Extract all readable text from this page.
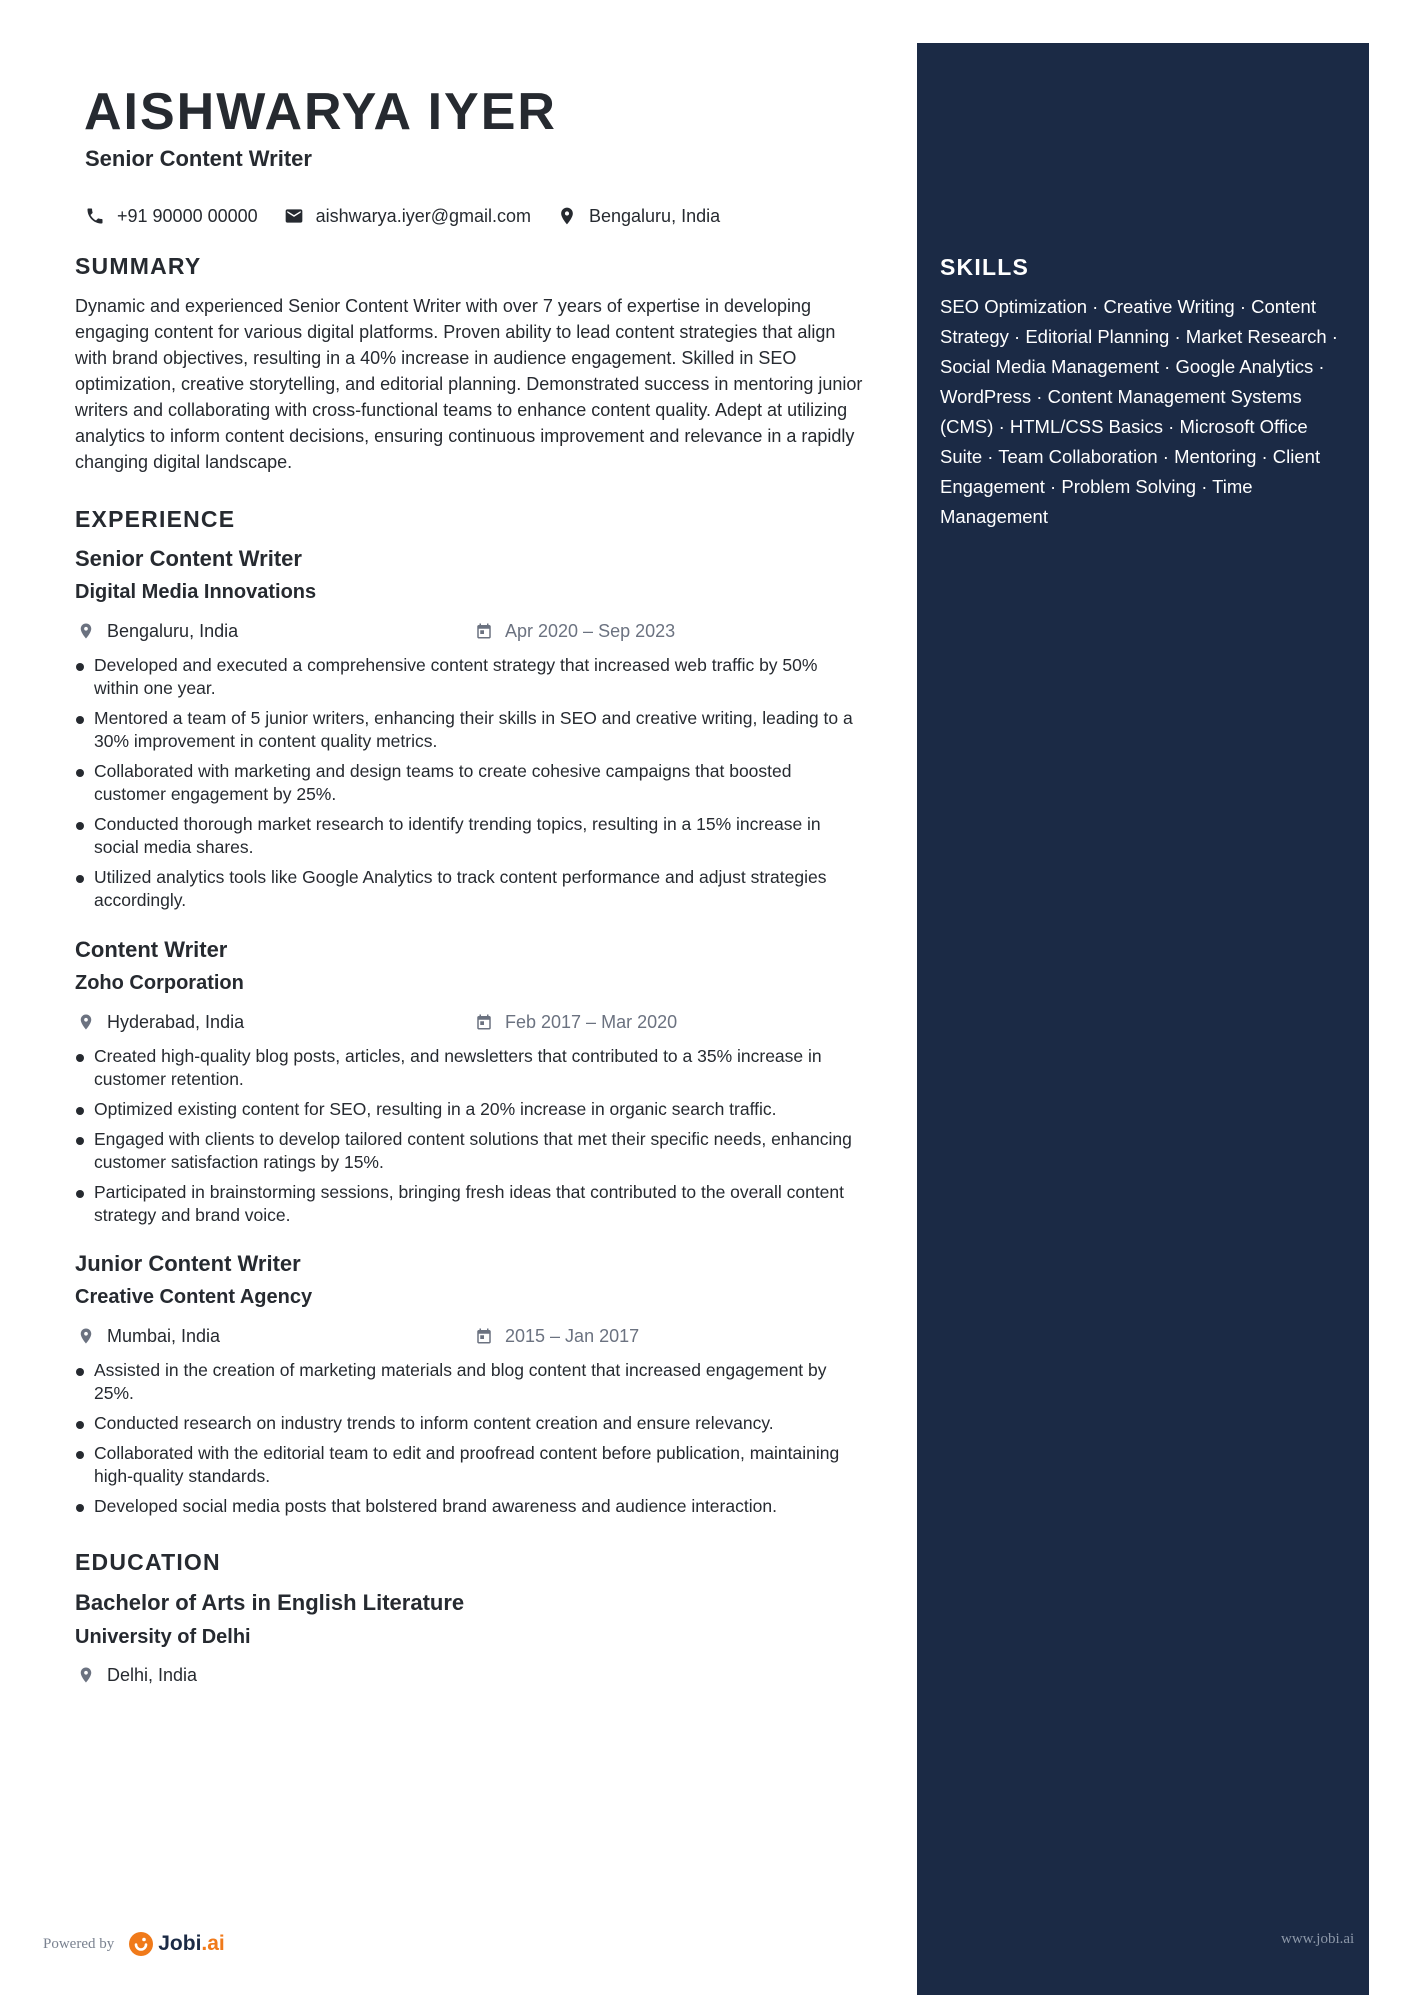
AISHWARYA IYER
Senior Content Writer
+91 90000 00000	aishwarya.iyer@gmail.com	Bengaluru, India
SUMMARY

Dynamic and experienced Senior Content Writer with over 7 years of expertise in developing engaging content for various digital platforms. Proven ability to lead content strategies that align with brand objectives, resulting in a 40% increase in audience engagement. Skilled in SEO optimization, creative storytelling, and editorial planning. Demonstrated success in mentoring junior writers and collaborating with cross-functional teams to enhance content quality. Adept at utilizing analytics to inform content decisions, ensuring continuous improvement and relevance in a rapidly changing digital landscape.

EXPERIENCE
Senior Content Writer
Digital Media Innovations
Bengaluru, India	Apr 2020 – Sep 2023
Developed and executed a comprehensive content strategy that increased web traffic by 50% within one year.
Mentored a team of 5 junior writers, enhancing their skills in SEO and creative writing, leading to a 30% improvement in content quality metrics.
Collaborated with marketing and design teams to create cohesive campaigns that boosted customer engagement by 25%.
Conducted thorough market research to identify trending topics, resulting in a 15% increase in social media shares.
Utilized analytics tools like Google Analytics to track content performance and adjust strategies accordingly.
Content Writer
Zoho Corporation
Hyderabad, India	Feb 2017 – Mar 2020
Created high-quality blog posts, articles, and newsletters that contributed to a 35% increase in customer retention.
Optimized existing content for SEO, resulting in a 20% increase in organic search traffic.
Engaged with clients to develop tailored content solutions that met their specific needs, enhancing customer satisfaction ratings by 15%.
Participated in brainstorming sessions, bringing fresh ideas that contributed to the overall content strategy and brand voice.
Junior Content Writer
Creative Content Agency
Mumbai, India	2015 – Jan 2017
Assisted in the creation of marketing materials and blog content that increased engagement by 25%.
Conducted research on industry trends to inform content creation and ensure relevancy.
Collaborated with the editorial team to edit and proofread content before publication, maintaining high-quality standards.
Developed social media posts that bolstered brand awareness and audience interaction.
EDUCATION
Bachelor of Arts in English Literature
University of Delhi
Delhi, India
Powered by Jobi.ai
SKILLS

SEO Optimization · Creative Writing · Content Strategy · Editorial Planning · Market Research · Social Media Management · Google Analytics · WordPress · Content Management Systems (CMS) · HTML/CSS Basics · Microsoft Office Suite · Team Collaboration · Mentoring · Client Engagement · Problem Solving · Time Management

www.jobi.ai
